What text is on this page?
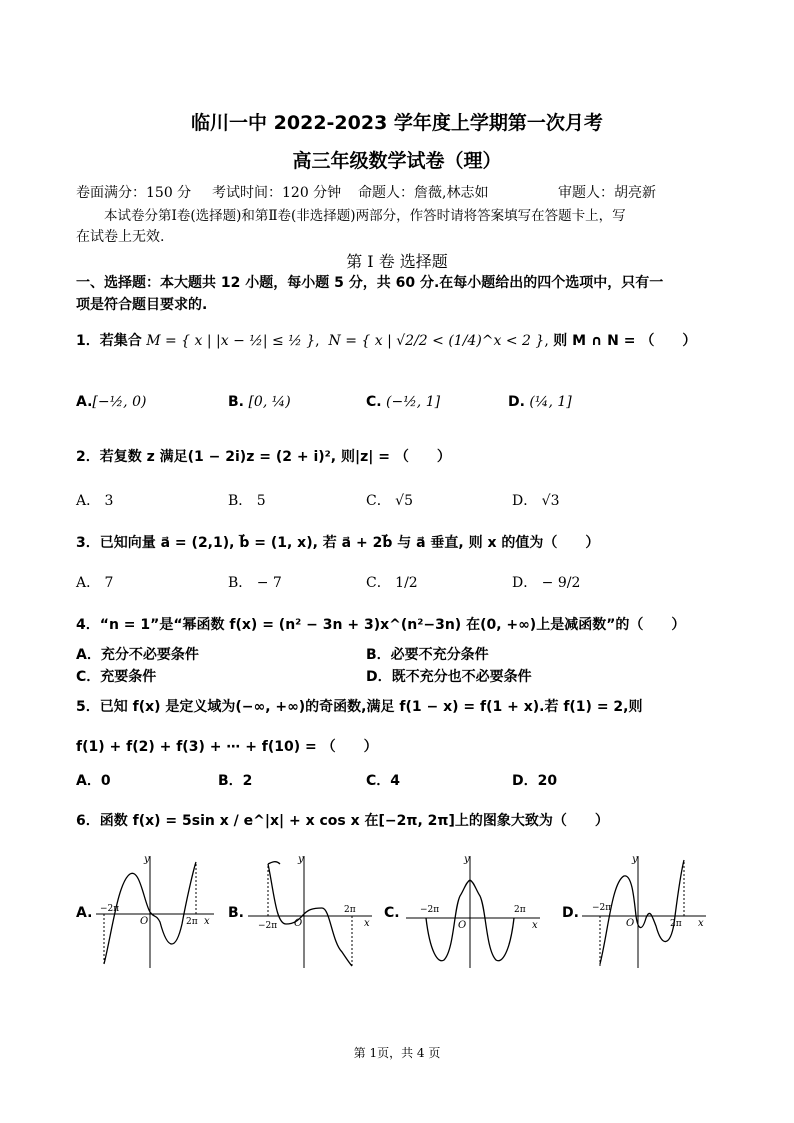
临川一中 2022-2023 学年度上学期第一次月考
高三年级数学试卷（理）
卷面满分：150 分 考试时间：120 分钟 命题人：詹薇,林志如	审题人：胡亮新
本试卷分第Ⅰ卷(选择题)和第Ⅱ卷(非选择题)两部分，作答时请将答案填写在答题卡上，写
在试卷上无效.
第 I 卷 选择题
一、选择题：本大题共 12 小题，每小题 5 分，共 60 分.在每小题给出的四个选项中，只有一
项是符合题目要求的.
1．若集合 M = { x | |x − ½| ≤ ½ },  N = { x | √2/2 < (1/4)^x < 2 }, 则 M ∩ N = （　　）
A.[−½, 0)	B. [0, ¼)	C. (−½, 1]	D. (¼, 1]
2．若复数 z 满足(1 − 2i)z = (2 + i)², 则|z| = （　　）
A． 3	B． 5	C． √5	D． √3
3．已知向量 a⃗ = (2,1), b⃗ = (1, x), 若 a⃗ + 2b⃗ 与 a⃗ 垂直, 则 x 的值为（　　）
A． 7	B． − 7	C． 1/2	D． − 9/2
4．“n = 1”是“幂函数 f(x) = (n² − 3n + 3)x^(n²−3n) 在(0, +∞)上是减函数”的（　　）
A．充分不必要条件	B．必要不充分条件
C．充要条件	D．既不充分也不必要条件
5．已知 f(x) 是定义域为(−∞, +∞)的奇函数,满足 f(1 − x) = f(1 + x).若 f(1) = 2,则
f(1) + f(2) + f(3) + ⋯ + f(10) = （　　）
A．0	B．2	C．4	D．20
6．函数 f(x) = 5sin x / e^|x| + x cos x 在[−2π, 2π]上的图象大致为（　　）
A.	B.	C.	D.
y
x
O
−2π
2π
y
x
O
−2π
2π
y
x
O
−2π	2π
y
x
O
−2π
2π
第 1页，共 4 页
